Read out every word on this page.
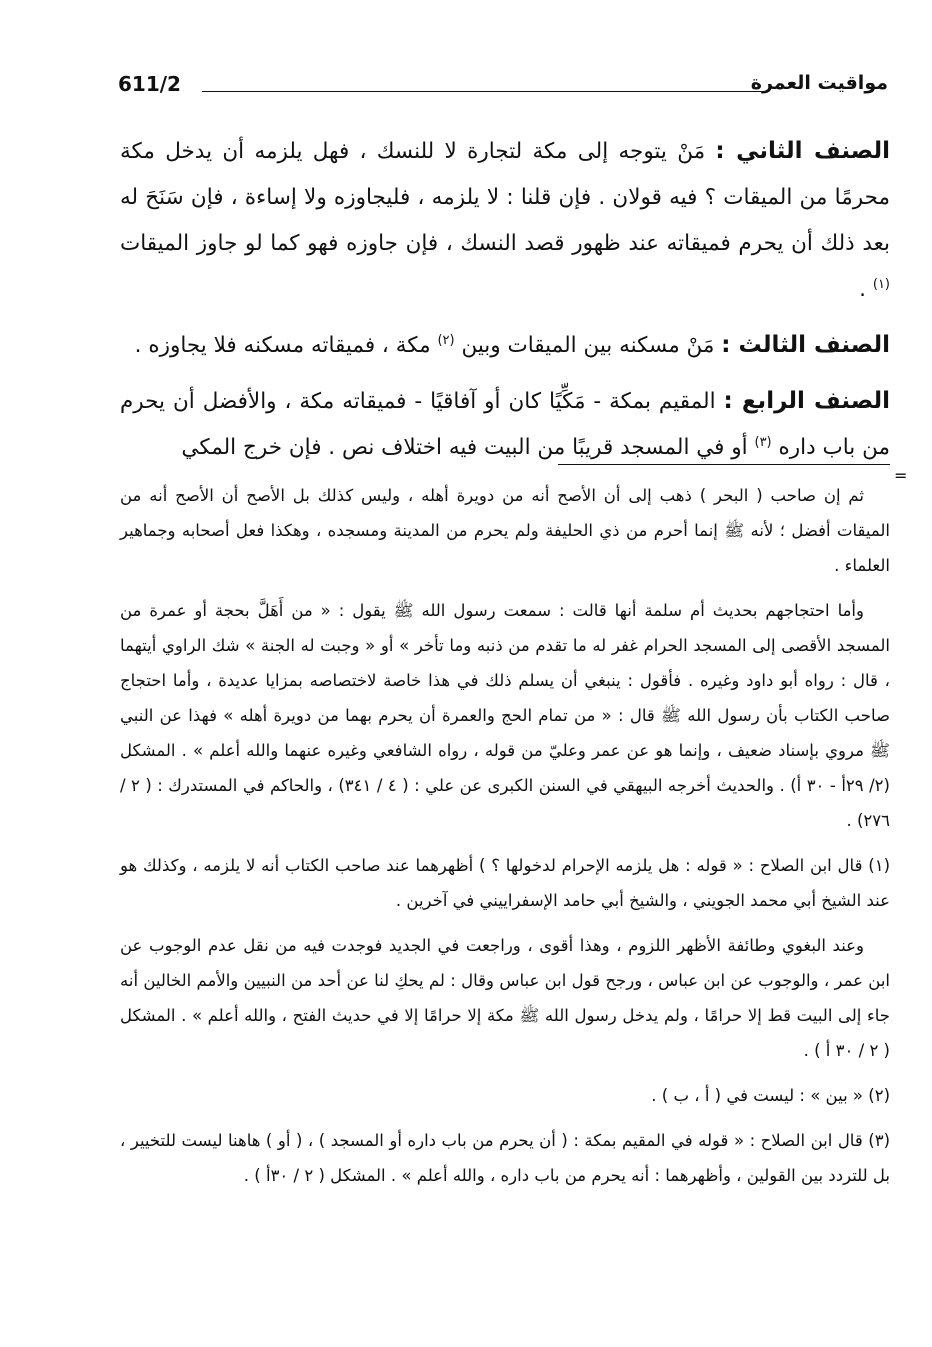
مواقيت العمرة
611/2

الصنف الثاني : مَنْ يتوجه إلى مكة لتجارة لا للنسك ، فهل يلزمه أن يدخل مكة محرمًا من الميقات ؟ فيه قولان . فإن قلنا : لا يلزمه ، فليجاوزه ولا إساءة ، فإن سَنَحَ له بعد ذلك أن يحرم فميقاته عند ظهور قصد النسك ، فإن جاوزه فهو كما لو جاوز الميقات $^{(١)}$ .

الصنف الثالث : مَنْ مسكنه بين الميقات وبين $^{(٢)}$ مكة ، فميقاته مسكنه فلا يجاوزه .

الصنف الرابع : المقيم بمكة - مَكِّيًا كان أو آفاقيًا - فميقاته مكة ، والأفضل أن يحرم من باب داره $^{(٣)}$ أو في المسجد قريبًا من البيت فيه اختلاف نص . فإن خرج المكي

=

ثم إن صاحب ( البحر ) ذهب إلى أن الأصح أنه من دويرة أهله ، وليس كذلك بل الأصح أن الأصح أنه من الميقات أفضل ؛ لأنه ﷺ إنما أحرم من ذي الحليفة ولم يحرم من المدينة ومسجده ، وهكذا فعل أصحابه وجماهير العلماء .

وأما احتجاجهم بحديث أم سلمة أنها قالت : سمعت رسول الله ﷺ يقول : « من أَهَلَّ بحجة أو عمرة من المسجد الأقصى إلى المسجد الحرام غفر له ما تقدم من ذنبه وما تأخر » أو « وجبت له الجنة » شك الراوي أيتهما ، قال : رواه أبو داود وغيره . فأقول : ينبغي أن يسلم ذلك في هذا خاصة لاختصاصه بمزايا عديدة ، وأما احتجاج صاحب الكتاب بأن رسول الله ﷺ قال : « من تمام الحج والعمرة أن يحرم بهما من دويرة أهله » فهذا عن النبي ﷺ مروي بإسناد ضعيف ، وإنما هو عن عمر وعليّ من قوله ، رواه الشافعي وغيره عنهما والله أعلم » . المشكل (٢/ ٢٩أ - ٣٠ أ) . والحديث أخرجه البيهقي في السنن الكبرى عن علي : ( ٤ / ٣٤١) ، والحاكم في المستدرك : ( ٢ / ٢٧٦) .

(١) قال ابن الصلاح : « قوله : هل يلزمه الإحرام لدخولها ؟ ) أظهرهما عند صاحب الكتاب أنه لا يلزمه ، وكذلك هو عند الشيخ أبي محمد الجويني ، والشيخ أبي حامد الإسفراييني في آخرين .

وعند البغوي وطائفة الأظهر اللزوم ، وهذا أقوى ، وراجعت في الجديد فوجدت فيه من نقل عدم الوجوب عن ابن عمر ، والوجوب عن ابن عباس ، ورجح قول ابن عباس وقال : لم يحكِ لنا عن أحد من النبيين والأمم الخالين أنه جاء إلى البيت قط إلا حرامًا ، ولم يدخل رسول الله ﷺ مكة إلا حرامًا إلا في حديث الفتح ، والله أعلم » . المشكل ( ٢ / ٣٠ أ ) .

(٢) « بين » : ليست في ( أ ، ب ) .

(٣) قال ابن الصلاح : « قوله في المقيم بمكة : ( أن يحرم من باب داره أو المسجد ) ، ( أو ) هاهنا ليست للتخيير ، بل للتردد بين القولين ، وأظهرهما : أنه يحرم من باب داره ، والله أعلم » . المشكل ( ٢ / ٣٠أ ) .
